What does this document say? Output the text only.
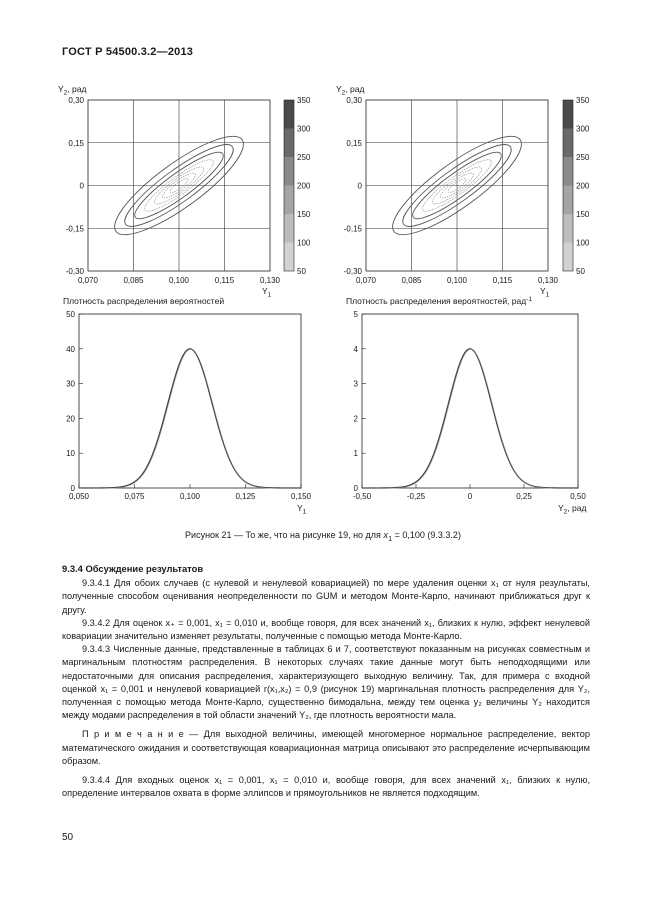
ГОСТ Р 54500.3.2—2013
$Y_2$, рад
0,070	0,085	0,100	0,115	0,130
0,30
0,15
0
-0,15
-0,30
$Y_1$
350
300
250
200
150
100
50
$Y_2$, рад
0,070	0,085	0,100	0,115	0,130
0,30
0,15
0
-0,15
-0,30
$Y_1$
350
300
250
200
150
100
50
Плотность распределения вероятностей
0,050	0,075	0,100	0,125	0,150
50
40
30
20
10
0
$Y_1$
Плотность распределения вероятностей, рад$^{-1}$
-0,50	-0,25	0	0,25	0,50
5
4
3
2
1
0
$Y_2$, рад
Рисунок 21 — То же, что на рисунке 19, но для $x_1 = 0,100$ (9.3.3.2)
9.3.4 Обсуждение результатов

9.3.4.1 Для обоих случаев (с нулевой и ненулевой ковариацией) по мере удаления оценки x₁ от нуля результаты, полученные способом оценивания неопределенности по GUM и методом Монте-Карло, начинают приближаться друг к другу.

9.3.4.2 Для оценок x₊ = 0,001, x₁ = 0,010 и, вообще говоря, для всех значений x₁, близких к нулю, эффект ненулевой ковариации значительно изменяет результаты, полученные с помощью метода Монте-Карло.

9.3.4.3 Численные данные, представленные в таблицах 6 и 7, соответствуют показанным на рисунках совместным и маргинальным плотностям распределения. В некоторых случаях такие данные могут быть неподходящими или недостаточными для описания распределения, характеризующего выходную величину. Так, для примера с входной оценкой x₁ = 0,001 и ненулевой ковариацией r(x₁,x₂) = 0,9 (рисунок 19) маргинальная плотность распределения для Y₂, полученная с помощью метода Монте-Карло, существенно бимодальна, между тем оценка y₂ величины Y₂ находится между модами распределения в той области значений Y₂, где плотность вероятности мала.

П р и м е ч а н и е — Для выходной величины, имеющей многомерное нормальное распределение, вектор математического ожидания и соответствующая ковариационная матрица описывают это распределение исчерпывающим образом.

9.3.4.4 Для входных оценок x₁ = 0,001, x₁ = 0,010 и, вообще говоря, для всех значений x₁, близких к нулю, определение интервалов охвата в форме эллипсов и прямоугольников не является подходящим.

50
